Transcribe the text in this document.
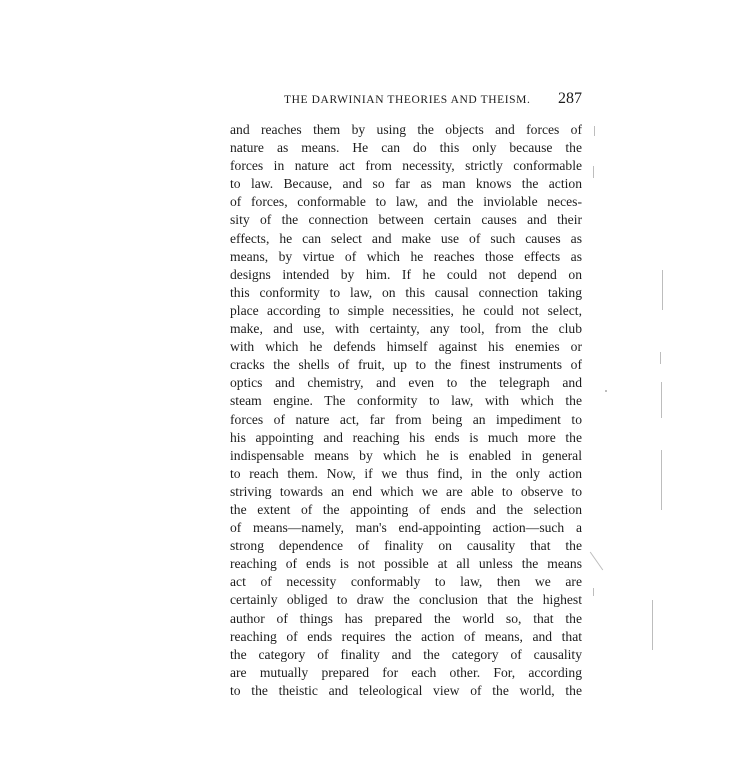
THE DARWINIAN THEORIES AND THEISM. 287
and reaches them by using the objects and forces of
nature as means. He can do this only because the
forces in nature act from necessity, strictly conformable
to law. Because, and so far as man knows the action
of forces, conformable to law, and the inviolable neces-
sity of the connection between certain causes and their
effects, he can select and make use of such causes as
means, by virtue of which he reaches those effects as
designs intended by him. If he could not depend on
this conformity to law, on this causal connection taking
place according to simple necessities, he could not select,
make, and use, with certainty, any tool, from the club
with which he defends himself against his enemies or
cracks the shells of fruit, up to the finest instruments of
optics and chemistry, and even to the telegraph and
steam engine. The conformity to law, with which the
forces of nature act, far from being an impediment to
his appointing and reaching his ends is much more the
indispensable means by which he is enabled in general
to reach them. Now, if we thus find, in the only action
striving towards an end which we are able to observe to
the extent of the appointing of ends and the selection
of means—namely, man's end-appointing action—such a
strong dependence of finality on causality that the
reaching of ends is not possible at all unless the means
act of necessity conformably to law, then we are
certainly obliged to draw the conclusion that the highest
author of things has prepared the world so, that the
reaching of ends requires the action of means, and that
the category of finality and the category of causality
are mutually prepared for each other. For, according
to the theistic and teleological view of the world, the
